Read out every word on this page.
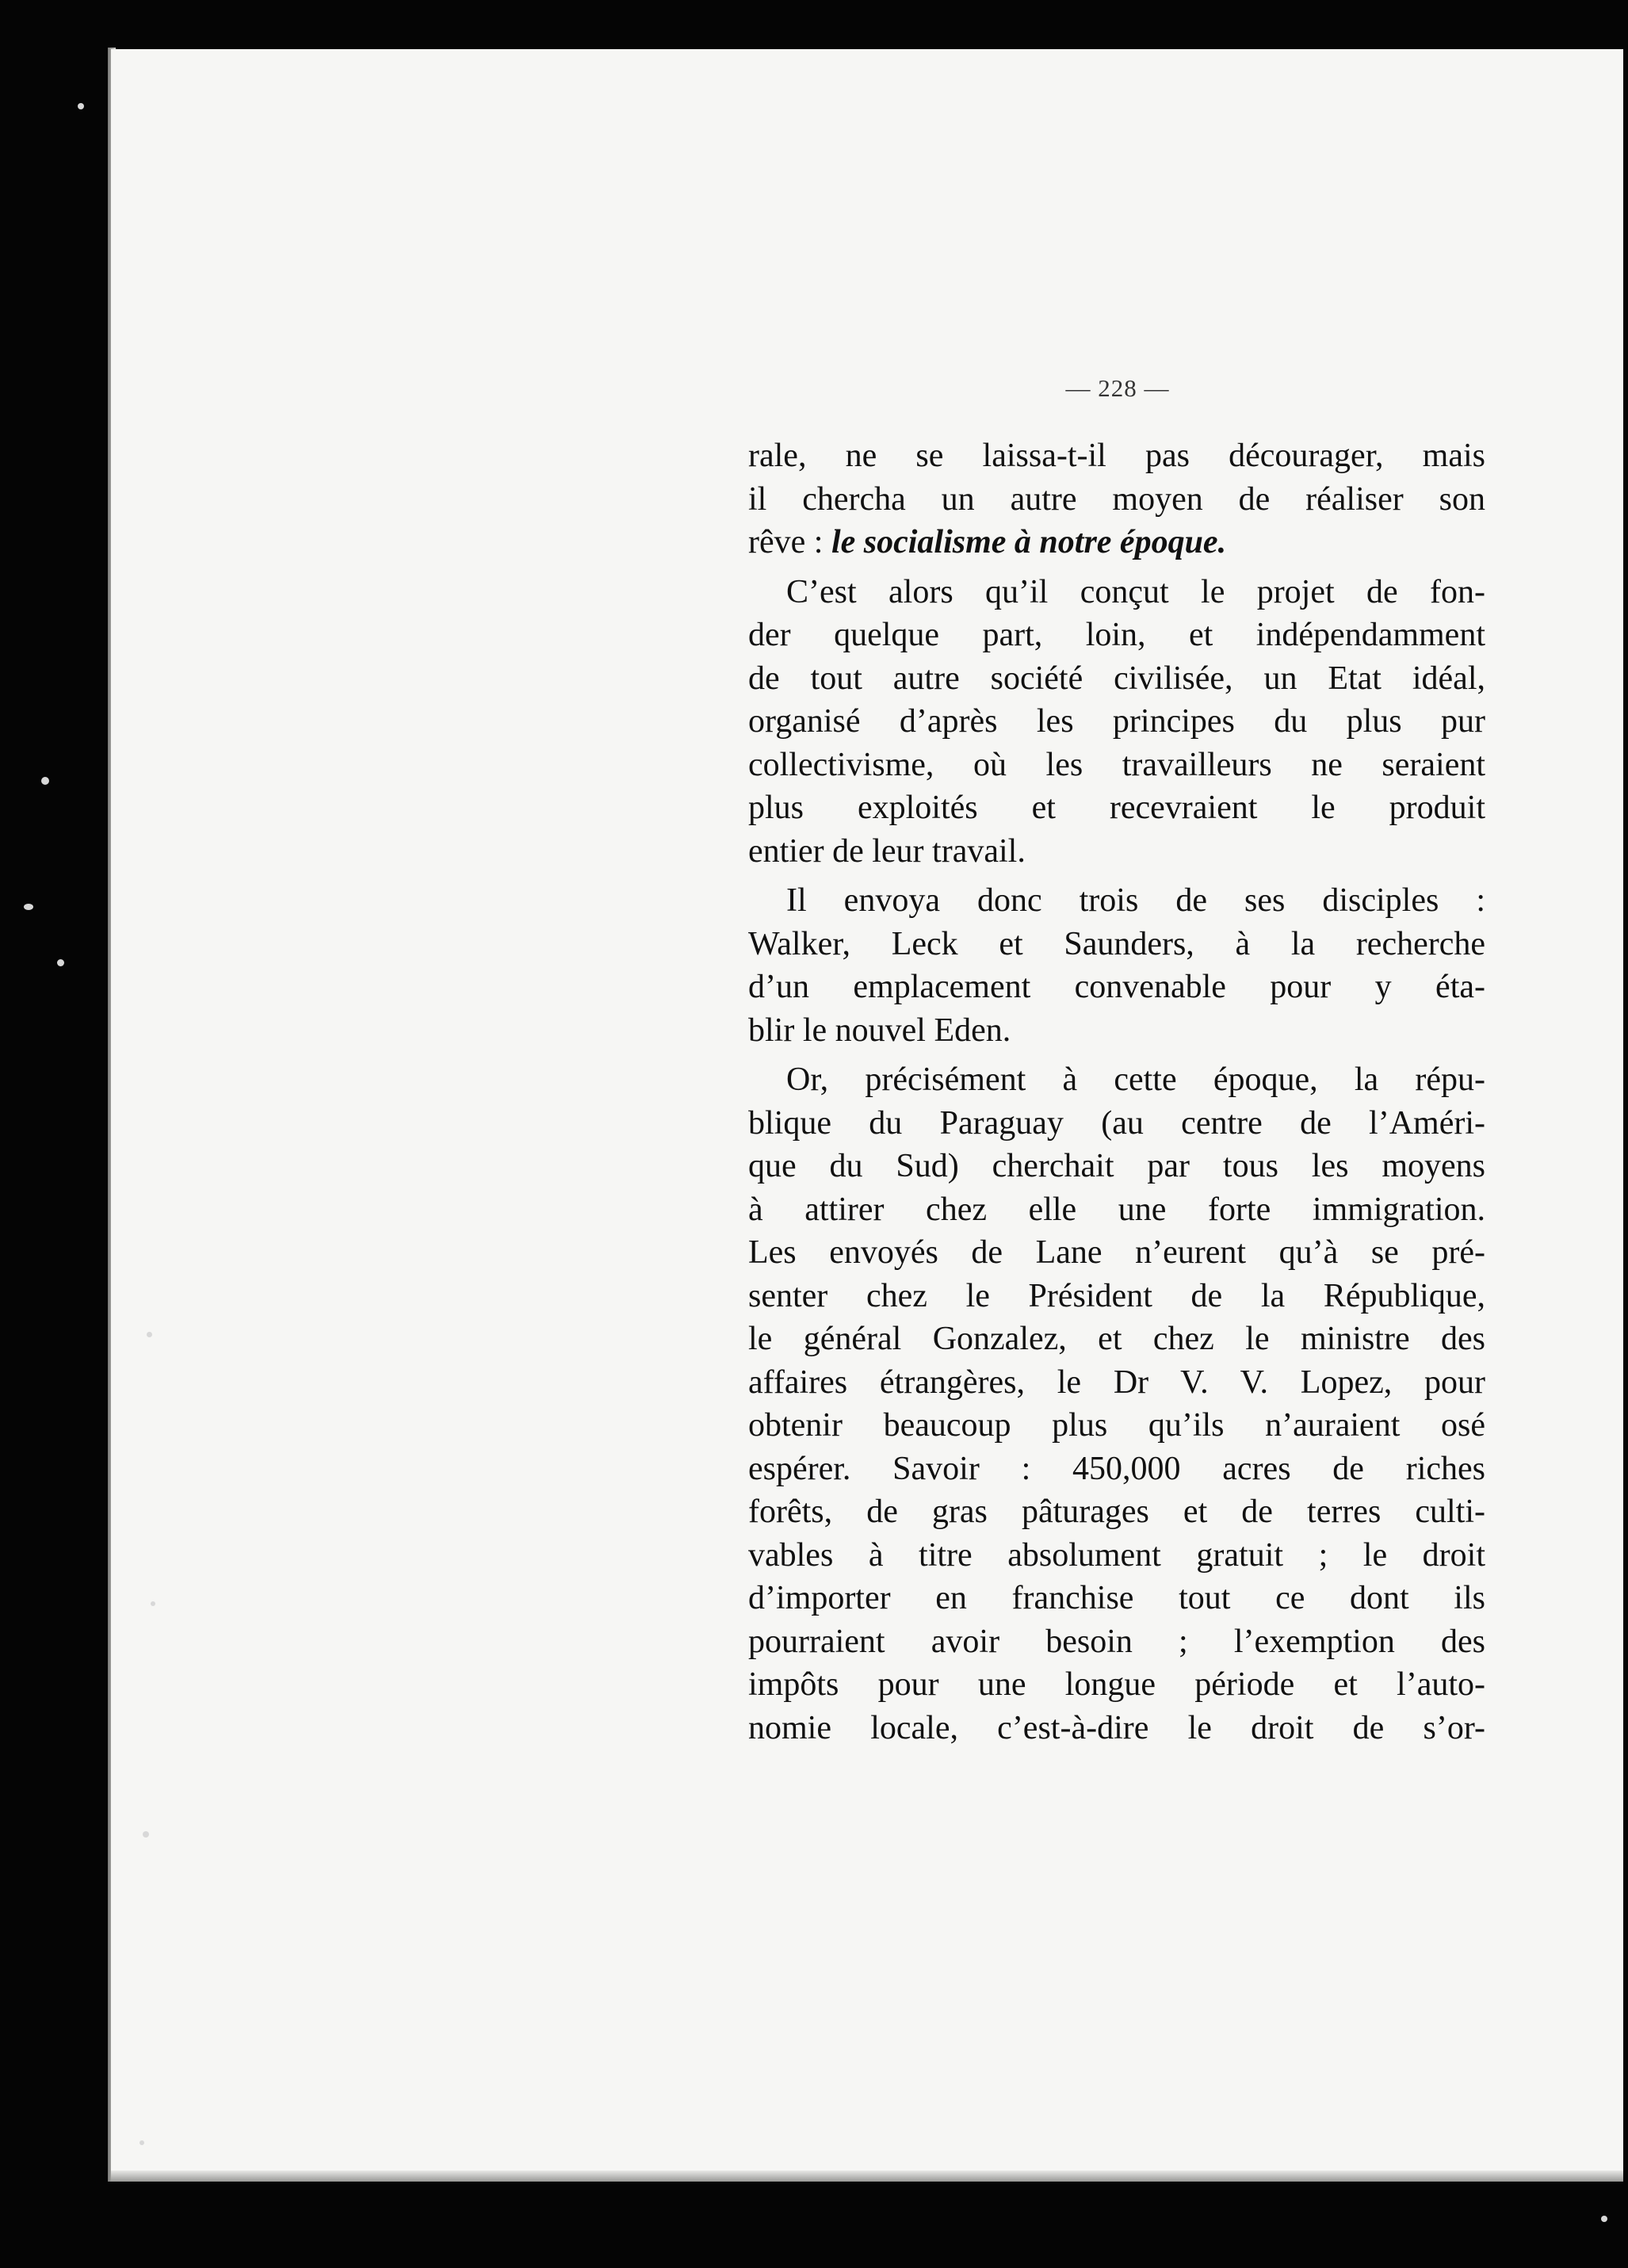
— 228 —
rale, ne se laissa-t-il pas décourager, mais
il chercha un autre moyen de réaliser son
rêve : le socialisme à notre époque.
C’est alors qu’il conçut le projet de fon-
der quelque part, loin, et indépendamment
de tout autre société civilisée, un Etat idéal,
organisé d’après les principes du plus pur
collectivisme, où les travailleurs ne seraient
plus exploités et recevraient le produit
entier de leur travail.
Il envoya donc trois de ses disciples :
Walker, Leck et Saunders, à la recherche
d’un emplacement convenable pour y éta-
blir le nouvel Eden.
Or, précisément à cette époque, la répu-
blique du Paraguay (au centre de l’Améri-
que du Sud) cherchait par tous les moyens
à attirer chez elle une forte immigration.
Les envoyés de Lane n’eurent qu’à se pré-
senter chez le Président de la République,
le général Gonzalez, et chez le ministre des
affaires étrangères, le Dr V. V. Lopez, pour
obtenir beaucoup plus qu’ils n’auraient osé
espérer. Savoir : 450,000 acres de riches
forêts, de gras pâturages et de terres culti-
vables à titre absolument gratuit ; le droit
d’importer en franchise tout ce dont ils
pourraient avoir besoin ; l’exemption des
impôts pour une longue période et l’auto-
nomie locale, c’est-à-dire le droit de s’or-
